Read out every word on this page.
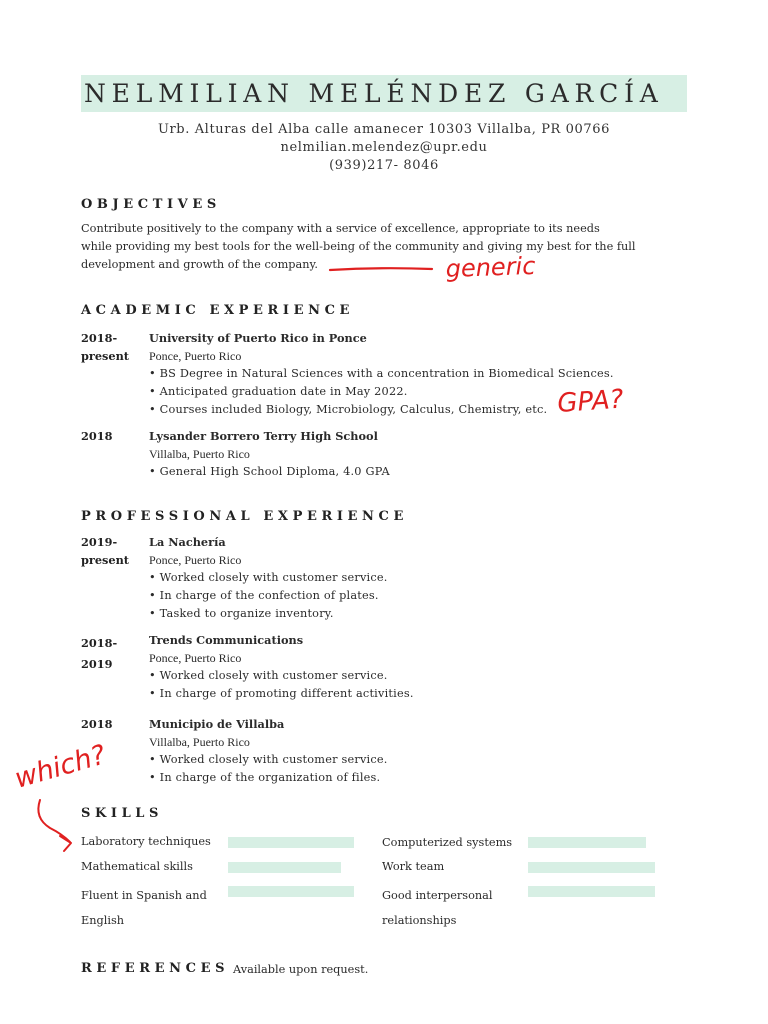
NELMILIAN MELÉNDEZ GARCÍA
Urb. Alturas del Alba calle amanecer 10303 Villalba, PR 00766
nelmilian.melendez@upr.edu
(939)217- 8046
OBJECTIVES
Contribute positively to the company with a service of excellence, appropriate to its needs
while providing my best tools for the well-being of the community and giving my best for the full
development and growth of the company.
ACADEMIC EXPERIENCE
2018-
present
University of Puerto Rico in Ponce
Ponce, Puerto Rico
• BS Degree in Natural Sciences with a concentration in Biomedical Sciences.
• Anticipated graduation date in May 2022.
• Courses included Biology, Microbiology, Calculus, Chemistry, etc.
2018	Lysander Borrero Terry High School
Villalba, Puerto Rico
• General High School Diploma, 4.0 GPA
PROFESSIONAL EXPERIENCE
2019-
present
La Nachería
Ponce, Puerto Rico
• Worked closely with customer service.
• In charge of the confection of plates.
• Tasked to organize inventory.
2018-
2019
Trends Communications
Ponce, Puerto Rico
• Worked closely with customer service.
• In charge of promoting different activities.
2018	Municipio de Villalba
Villalba, Puerto Rico
• Worked closely with customer service.
• In charge of the organization of files.
SKILLS
Laboratory techniques
Mathematical skills
Fluent in Spanish and English
Computerized systems
Work team
Good interpersonal relationships
REFERENCES Available upon request.
generic
GPA?
which?
